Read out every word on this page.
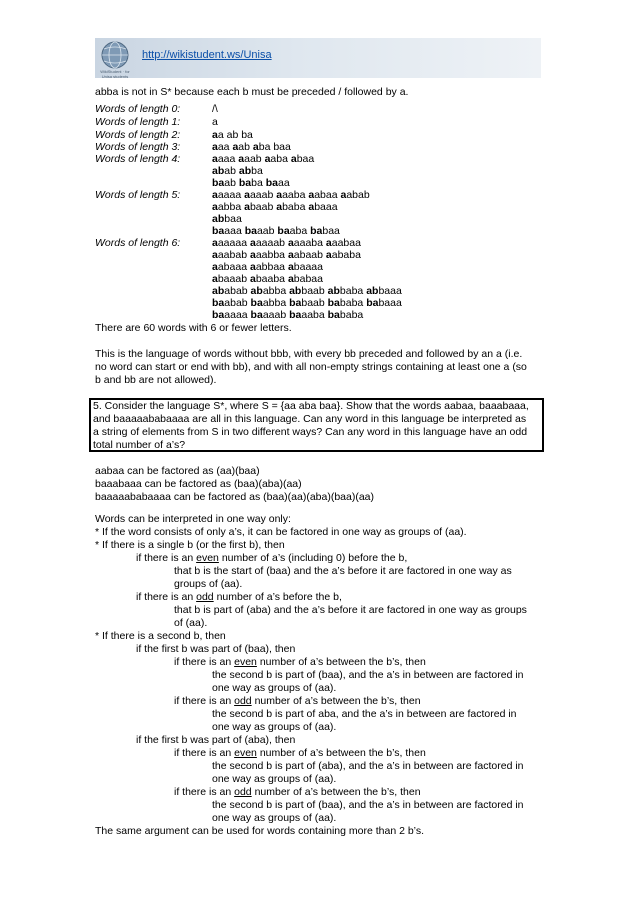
WikiStudent · for Unisa students
http://wikistudent.ws/Unisa
abba is not in S* because each b must be preceded / followed by a.
Words of length 0:	/\
Words of length 1:	a
Words of length 2:	aa ab ba
Words of length 3:	aaa aab aba baa
Words of length 4:	aaaa aaab aaba abaa
abab abba
baab baba baaa
Words of length 5:	aaaaa aaaab aaaba aabaa aabab
aabba abaab ababa abaaa
abbaa
baaaa baaab baaba babaa
Words of length 6:	aaaaaa aaaaab aaaaba aaabaa
aaabab aaabba aabaab aababa
aabaaa aabbaa abaaaa
abaaab abaaba ababaa
ababab ababba abbaab abbaba abbaaa
baabab baabba babaab bababa babaaa
baaaaa baaaab baaaba bababa
There are 60 words with 6 or fewer letters.
This is the language of words without bbb, with every bb preceded and followed by an a (i.e.
no word can start or end with bb), and with all non-empty strings containing at least one a (so
b and bb are not allowed).
5. Consider the language S*, where S = {aa aba baa}. Show that the words aabaa, baaabaaa,
and baaaaababaaaa are all in this language. Can any word in this language be interpreted as
a string of elements from S in two different ways? Can any word in this language have an odd
total number of a’s?
aabaa can be factored as (aa)(baa)
baaabaaa can be factored as (baa)(aba)(aa)
baaaaababaaaa can be factored as (baa)(aa)(aba)(baa)(aa)
Words can be interpreted in one way only:
* If the word consists of only a’s, it can be factored in one way as groups of (aa).
* If there is a single b (or the first b), then
if there is an even number of a’s (including 0) before the b,
that b is the start of (baa) and the a’s before it are factored in one way as
groups of (aa).
if there is an odd number of a’s before the b,
that b is part of (aba) and the a’s before it are factored in one way as groups
of (aa).
* If there is a second b, then
if the first b was part of (baa), then
if there is an even number of a’s between the b’s, then
the second b is part of (baa), and the a’s in between are factored in
one way as groups of (aa).
if there is an odd number of a’s between the b’s, then
the second b is part of aba, and the a’s in between are factored in
one way as groups of (aa).
if the first b was part of (aba), then
if there is an even number of a’s between the b’s, then
the second b is part of (aba), and the a’s in between are factored in
one way as groups of (aa).
if there is an odd number of a’s between the b’s, then
the second b is part of (baa), and the a’s in between are factored in
one way as groups of (aa).
The same argument can be used for words containing more than 2 b’s.
